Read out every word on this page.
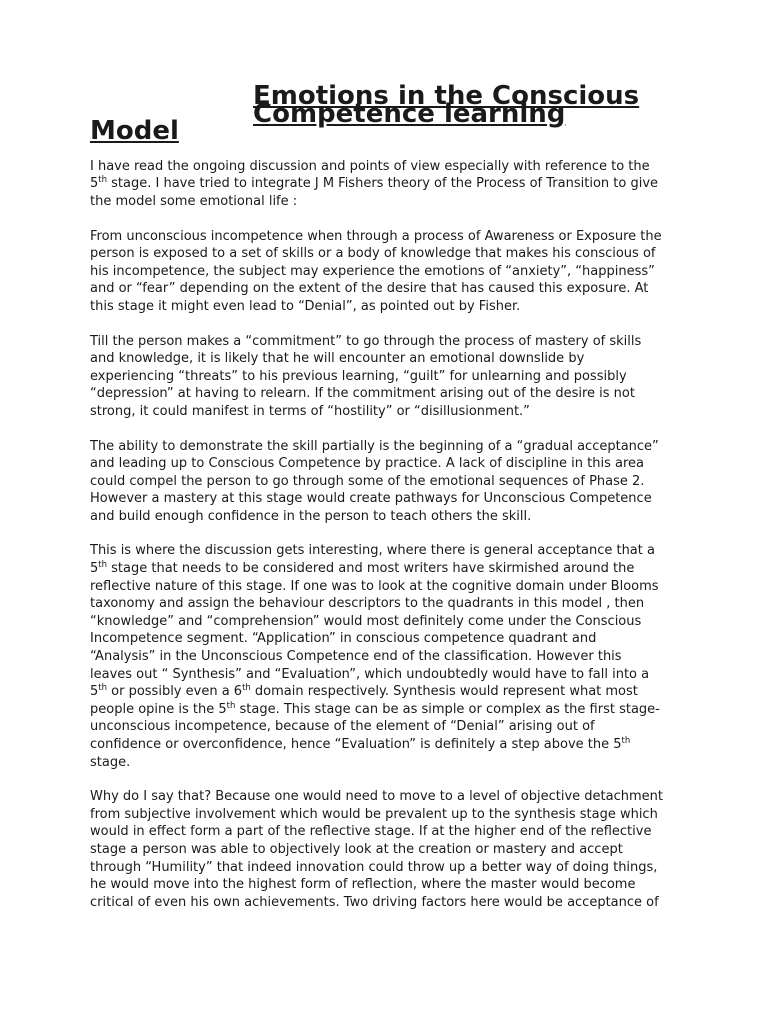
Emotions in the Conscious Competence learning
Model

I have read the ongoing discussion and points of view especially with reference to the
5th stage. I have tried to integrate J M Fishers theory of the Process of Transition to give
the model some emotional life :

From unconscious incompetence when through a process of Awareness or Exposure the
person is exposed to a set of skills or a body of knowledge that makes his conscious of
his incompetence, the subject may experience the emotions of “anxiety”, “happiness”
and or “fear” depending on the extent of the desire that has caused this exposure. At
this stage it might even lead to “Denial”, as pointed out by Fisher.

Till the person makes a “commitment” to go through the process of mastery of skills
and knowledge, it is likely that he will encounter an emotional downslide by
experiencing “threats” to his previous learning, “guilt” for unlearning and possibly
“depression” at having to relearn. If the commitment arising out of the desire is not
strong, it could manifest in terms of “hostility” or “disillusionment.”

The ability to demonstrate the skill partially is the beginning of a “gradual acceptance”
and leading up to Conscious Competence by practice. A lack of discipline in this area
could compel the person to go through some of the emotional sequences of Phase 2.
However a mastery at this stage would create pathways for Unconscious Competence
and build enough confidence in the person to teach others the skill.

This is where the discussion gets interesting, where there is general acceptance that a
5th stage that needs to be considered and most writers have skirmished around the
reflective nature of this stage. If one was to look at the cognitive domain under Blooms
taxonomy and assign the behaviour descriptors to the quadrants in this model , then
“knowledge” and “comprehension” would most definitely come under the Conscious
Incompetence segment. “Application” in conscious competence quadrant and
“Analysis” in the Unconscious Competence end of the classification. However this
leaves out “ Synthesis” and “Evaluation”, which undoubtedly would have to fall into a
5th or possibly even a 6th domain respectively. Synthesis would represent what most
people opine is the 5th stage. This stage can be as simple or complex as the first stage-
unconscious incompetence, because of the element of “Denial” arising out of
confidence or overconfidence, hence “Evaluation” is definitely a step above the 5th
stage.

Why do I say that? Because one would need to move to a level of objective detachment
from subjective involvement which would be prevalent up to the synthesis stage which
would in effect form a part of the reflective stage. If at the higher end of the reflective
stage a person was able to objectively look at the creation or mastery and accept
through “Humility” that indeed innovation could throw up a better way of doing things,
he would move into the highest form of reflection, where the master would become
critical of even his own achievements. Two driving factors here would be acceptance of
